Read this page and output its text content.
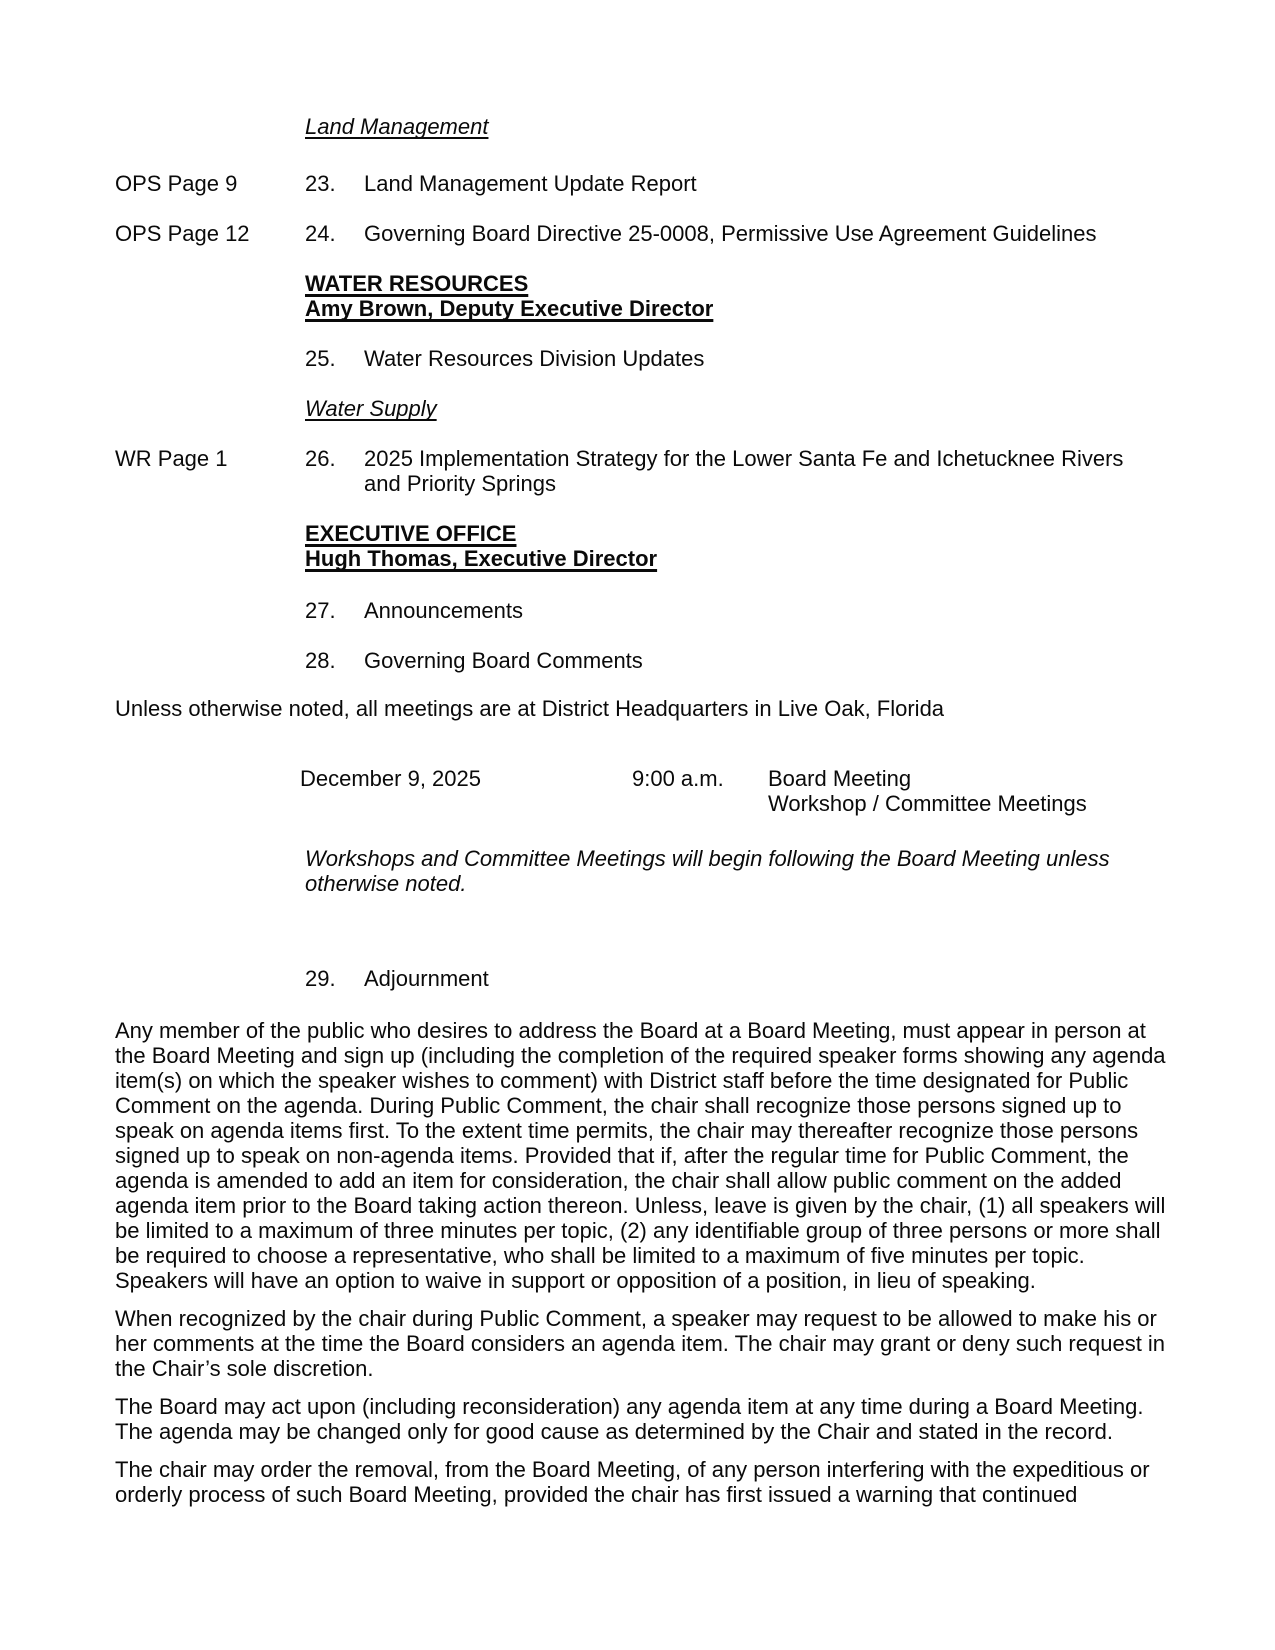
Land Management
OPS Page 9	23.	Land Management Update Report
OPS Page 12	24.	Governing Board Directive 25-0008, Permissive Use Agreement Guidelines
WATER RESOURCES
Amy Brown, Deputy Executive Director
25.	Water Resources Division Updates
Water Supply
WR Page 1	26.	2025 Implementation Strategy for the Lower Santa Fe and Ichetucknee Rivers and Priority Springs
EXECUTIVE OFFICE
Hugh Thomas, Executive Director
27.	Announcements
28.	Governing Board Comments
Unless otherwise noted, all meetings are at District Headquarters in Live Oak, Florida
December 9, 2025	9:00 a.m.	Board Meeting
Workshop / Committee Meetings
Workshops and Committee Meetings will begin following the Board Meeting unless otherwise noted.
29.	Adjournment

Any member of the public who desires to address the Board at a Board Meeting, must appear in person at the Board Meeting and sign up (including the completion of the required speaker forms showing any agenda item(s) on which the speaker wishes to comment) with District staff before the time designated for Public Comment on the agenda. During Public Comment, the chair shall recognize those persons signed up to speak on agenda items first. To the extent time permits, the chair may thereafter recognize those persons signed up to speak on non-agenda items. Provided that if, after the regular time for Public Comment, the agenda is amended to add an item for consideration, the chair shall allow public comment on the added agenda item prior to the Board taking action thereon. Unless, leave is given by the chair, (1) all speakers will be limited to a maximum of three minutes per topic, (2) any identifiable group of three persons or more shall be required to choose a representative, who shall be limited to a maximum of five minutes per topic. Speakers will have an option to waive in support or opposition of a position, in lieu of speaking.

When recognized by the chair during Public Comment, a speaker may request to be allowed to make his or her comments at the time the Board considers an agenda item. The chair may grant or deny such request in the Chair’s sole discretion.

The Board may act upon (including reconsideration) any agenda item at any time during a Board Meeting. The agenda may be changed only for good cause as determined by the Chair and stated in the record.

The chair may order the removal, from the Board Meeting, of any person interfering with the expeditious or orderly process of such Board Meeting, provided the chair has first issued a warning that continued
